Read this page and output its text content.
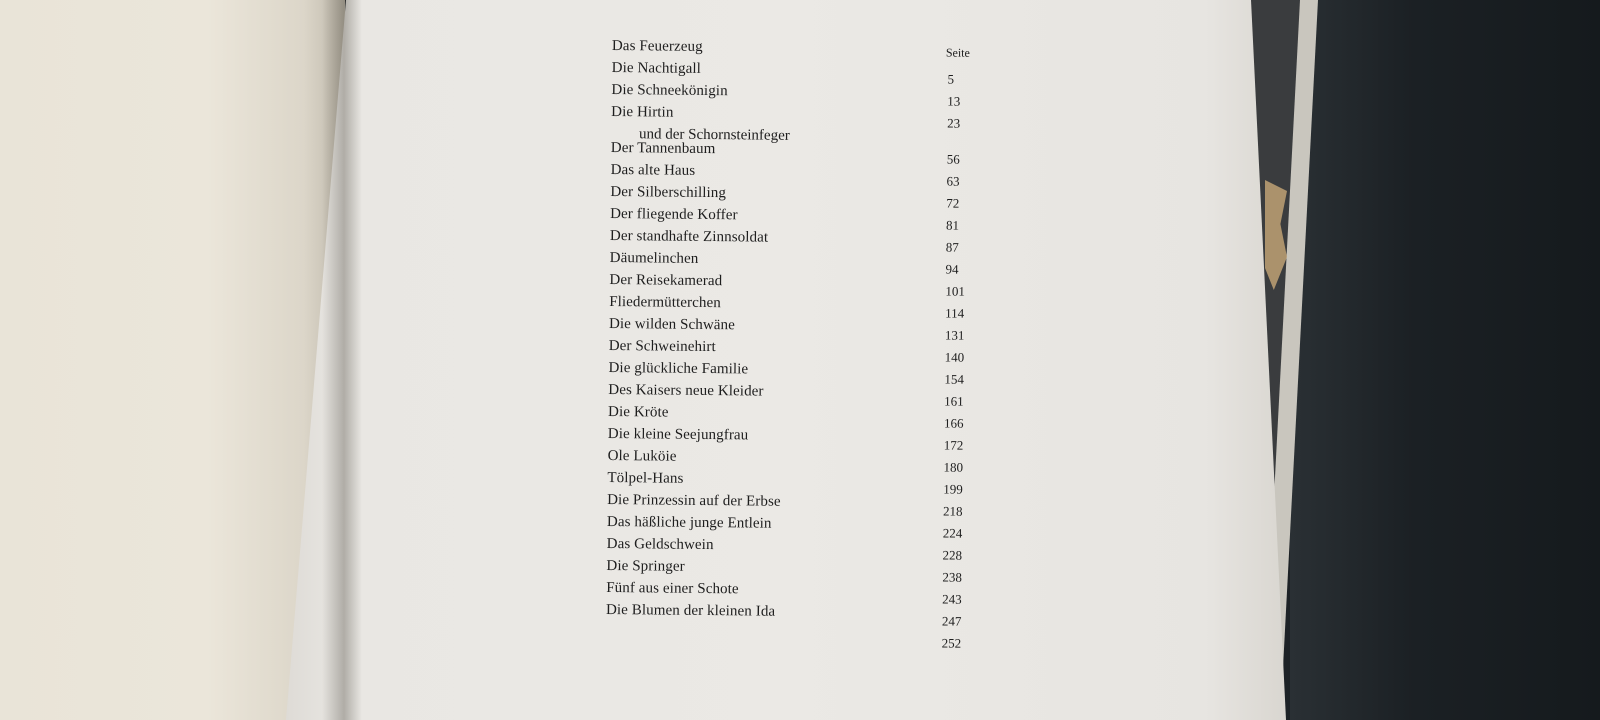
Das Feuerzeug	Seite
Die Nachtigall
5
Die Schneekönigin
13
Die Hirtin
23
und der Schornsteinfeger
Der Tannenbaum
56
Das alte Haus
63
Der Silberschilling
72
Der fliegende Koffer
81
Der standhafte Zinnsoldat
87
Däumelinchen
94
Der Reisekamerad
101
Fliedermütterchen
114
Die wilden Schwäne
131
Der Schweinehirt
140
Die glückliche Familie
154
Des Kaisers neue Kleider
161
Die Kröte
166
Die kleine Seejungfrau
172
Ole Luköie
180
Tölpel-Hans
199
Die Prinzessin auf der Erbse
218
Das häßliche junge Entlein
224
Das Geldschwein
228
Die Springer
238
Fünf aus einer Schote
243
Die Blumen der kleinen Ida
247
252
